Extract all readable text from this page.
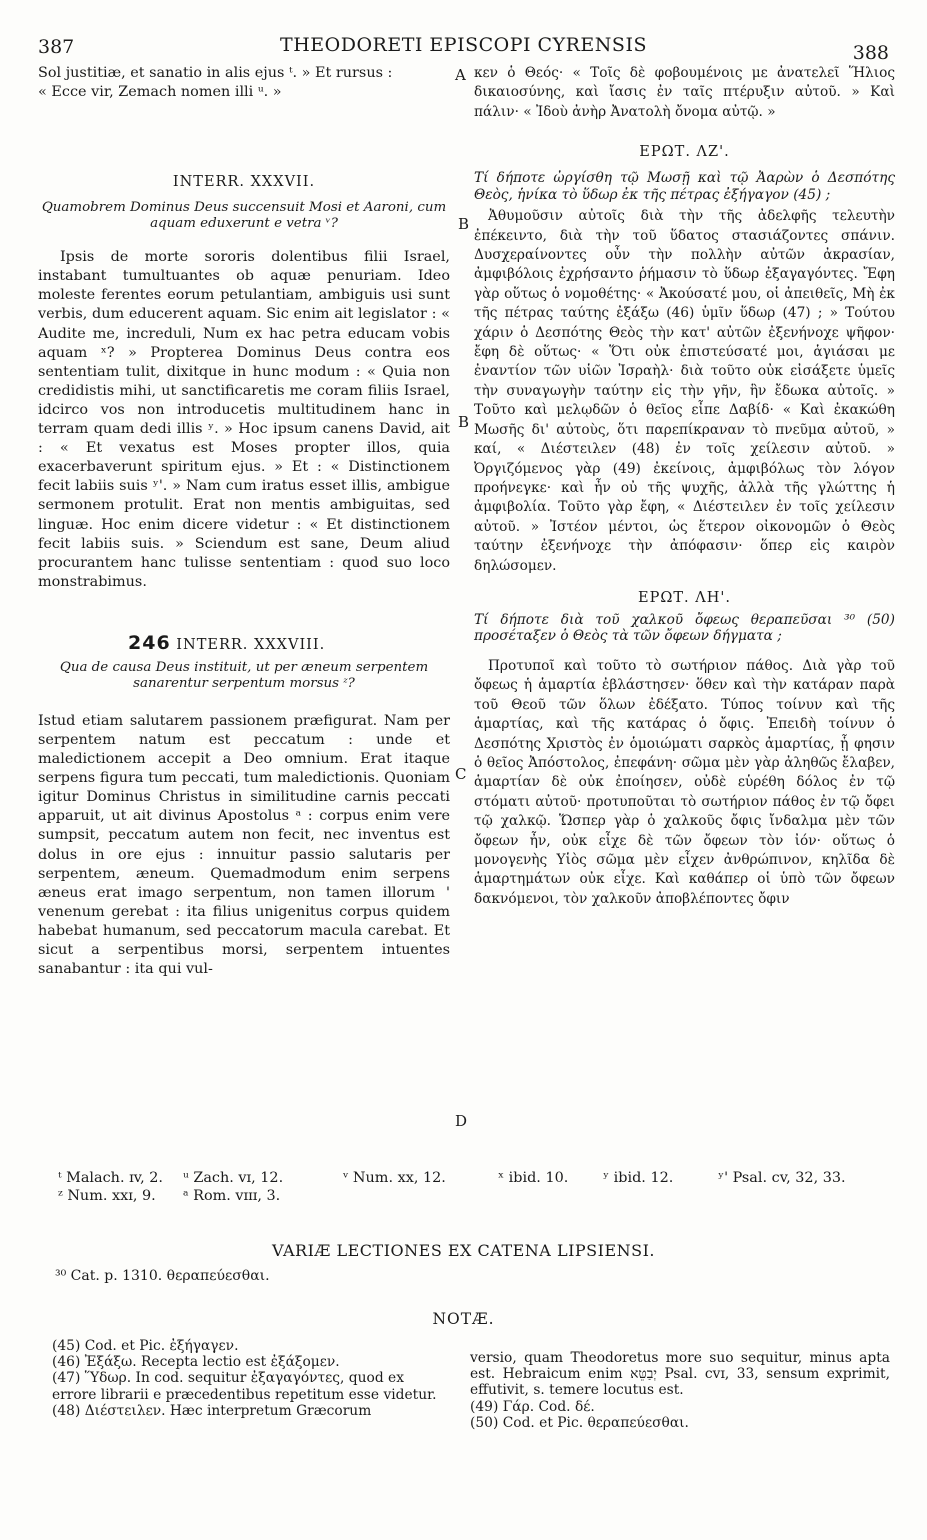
387	THEODORETI EPISCOPI CYRENSIS	388
A
B
B
C
D

Sol justitiæ, et sanatio in alis ejus ᵗ. » Et rursus :

« Ecce vir, Zemach nomen illi ᵘ. »

INTERR. XXXVII.

Quamobrem Dominus Deus succensuit Mosi et Aaroni, cum aquam eduxerunt e vetra ᵛ?

Ipsis de morte sororis dolentibus filii Israel, instabant tumultuantes ob aquæ penuriam. Ideo moleste ferentes eorum petulantiam, ambiguis usi sunt verbis, dum educerent aquam. Sic enim ait legislator : « Audite me, increduli, Num ex hac petra educam vobis aquam ˣ? » Propterea Dominus Deus contra eos sententiam tulit, dixitque in hunc modum : « Quia non credidistis mihi, ut sanctificaretis me coram filiis Israel, idcirco vos non introducetis multitudinem hanc in terram quam dedi illis ʸ. » Hoc ipsum canens David, ait : « Et vexatus est Moses propter illos, quia exacerbaverunt spiritum ejus. » Et : « Distinctionem fecit labiis suis ʸ'. » Nam cum iratus esset illis, ambigue sermonem protulit. Erat non mentis ambiguitas, sed linguæ. Hoc enim dicere videtur : « Et distinctionem fecit labiis suis. » Sciendum est sane, Deum aliud procurantem hanc tulisse sententiam : quod suo loco monstrabimus.

246 INTERR. XXXVIII.

Qua de causa Deus instituit, ut per æneum serpentem sanarentur serpentum morsus ᶻ?

Istud etiam salutarem passionem præfigurat. Nam per serpentem natum est peccatum : unde et maledictionem accepit a Deo omnium. Erat itaque serpens figura tum peccati, tum maledictionis. Quoniam igitur Dominus Christus in similitudine carnis peccati apparuit, ut ait divinus Apostolus ᵃ : corpus enim vere sumpsit, peccatum autem non fecit, nec inventus est dolus in ore ejus : innuitur passio salutaris per serpentem, æneum. Quemadmodum enim serpens æneus erat imago serpentum, non tamen illorum ' venenum gerebat : ita filius unigenitus corpus quidem habebat humanum, sed peccatorum macula carebat. Et sicut a serpentibus morsi, serpentem intuentes sanabantur : ita qui vul-

κεν ὁ Θεός· « Τοῖς δὲ φοβουμένοις με ἀνατελεῖ Ἥλιος δικαιοσύνης, καὶ ἴασις ἐν ταῖς πτέρυξιν αὐτοῦ. » Καὶ πάλιν· « Ἰδοὺ ἀνὴρ Ἀνατολὴ ὄνομα αὐτῷ. »

ΕΡΩΤ. ΛΖ'.

Τί δήποτε ὠργίσθη τῷ Μωσῇ καὶ τῷ Ἀαρὼν ὁ Δεσπότης Θεὸς, ἡνίκα τὸ ὕδωρ ἐκ τῆς πέτρας ἐξήγαγον (45) ;

Ἀθυμοῦσιν αὐτοῖς διὰ τὴν τῆς ἀδελφῆς τελευτὴν ἐπέκειντο, διὰ τὴν τοῦ ὕδατος στασιάζοντες σπάνιν. Δυσχεραίνοντες οὖν τὴν πολλὴν αὐτῶν ἀκρασίαν, ἀμφιβόλοις ἐχρήσαντο ῥήμασιν τὸ ὕδωρ ἐξαγαγόντες. Ἔφη γὰρ οὕτως ὁ νομοθέτης· « Ἀκούσατέ μου, οἱ ἀπειθεῖς, Μὴ ἐκ τῆς πέτρας ταύτης ἐξάξω (46) ὑμῖν ὕδωρ (47) ; » Τούτου χάριν ὁ Δεσπότης Θεὸς τὴν κατ' αὐτῶν ἐξενήνοχε ψῆφον· ἔφη δὲ οὕτως· « Ὅτι οὐκ ἐπιστεύσατέ μοι, ἁγιάσαι με ἐναντίον τῶν υἱῶν Ἰσραὴλ· διὰ τοῦτο οὐκ εἰσάξετε ὑμεῖς τὴν συναγωγὴν ταύτην εἰς τὴν γῆν, ἣν ἔδωκα αὐτοῖς. » Τοῦτο καὶ μελῳδῶν ὁ θεῖος εἶπε Δαβίδ· « Καὶ ἐκακώθη Μωσῆς δι' αὐτοὺς, ὅτι παρεπίκραναν τὸ πνεῦμα αὐτοῦ, » καί, « Διέστειλεν (48) ἐν τοῖς χείλεσιν αὐτοῦ. » Ὀργιζόμενος γὰρ (49) ἐκείνοις, ἀμφιβόλως τὸν λόγον προήνεγκε· καὶ ἦν οὐ τῆς ψυχῆς, ἀλλὰ τῆς γλώττης ἡ ἀμφιβολία. Τοῦτο γὰρ ἔφη, « Διέστειλεν ἐν τοῖς χείλεσιν αὐτοῦ. » Ἰστέον μέντοι, ὡς ἕτερον οἰκονομῶν ὁ Θεὸς ταύτην ἐξενήνοχε τὴν ἀπόφασιν· ὅπερ εἰς καιρὸν δηλώσομεν.

ΕΡΩΤ. ΛΗ'.

Τί δήποτε διὰ τοῦ χαλκοῦ ὄφεως θεραπεῦσαι ³⁰ (50) προσέταξεν ὁ Θεὸς τὰ τῶν ὄφεων δήγματα ;

Προτυποῖ καὶ τοῦτο τὸ σωτήριον πάθος. Διὰ γὰρ τοῦ ὄφεως ἡ ἁμαρτία ἐβλάστησεν· ὅθεν καὶ τὴν κατάραν παρὰ τοῦ Θεοῦ τῶν ὅλων ἐδέξατο. Τύπος τοίνυν καὶ τῆς ἁμαρτίας, καὶ τῆς κατάρας ὁ ὄφις. Ἐπειδὴ τοίνυν ὁ Δεσπότης Χριστὸς ἐν ὁμοιώματι σαρκὸς ἁμαρτίας, ᾗ φησιν ὁ θεῖος Ἀπόστολος, ἐπεφάνη· σῶμα μὲν γὰρ ἀληθῶς ἔλαβεν, ἁμαρτίαν δὲ οὐκ ἐποίησεν, οὐδὲ εὑρέθη δόλος ἐν τῷ στόματι αὐτοῦ· προτυποῦται τὸ σωτήριον πάθος ἐν τῷ ὄφει τῷ χαλκῷ. Ὥσπερ γὰρ ὁ χαλκοῦς ὄφις ἴνδαλμα μὲν τῶν ὄφεων ἦν, οὐκ εἶχε δὲ τῶν ὄφεων τὸν ἰόν· οὕτως ὁ μονογενὴς Υἱὸς σῶμα μὲν εἶχεν ἀνθρώπινον, κηλῖδα δὲ ἁμαρτημάτων οὐκ εἶχε. Καὶ καθάπερ οἱ ὑπὸ τῶν ὄφεων δακνόμενοι, τὸν χαλκοῦν ἀποβλέποντες ὄφιν

ᵗ Malach. ɪv, 2.	ᵘ Zach. vɪ, 12.	ᵛ Num. xx, 12.	ˣ ibid. 10.	ʸ ibid. 12.	ʸ' Psal. cv, 32, 33.
ᶻ Num. xxɪ, 9.	ᵃ Rom. vɪɪɪ, 3.
VARIÆ LECTIONES EX CATENA LIPSIENSI.
³⁰ Cat. p. 1310. θεραπεύεσθαι.
NOTÆ.

(45) Cod. et Pic. ἐξήγαγεν.

(46) Ἐξάξω. Recepta lectio est ἐξάξομεν.

(47) Ὕδωρ. In cod. sequitur ἐξαγαγόντες, quod ex errore librarii e præcedentibus repetitum esse videtur.

(48) Διέστειλεν. Hæc interpretum Græcorum

versio, quam Theodoretus more suo sequitur, minus apta est. Hebraicum enim יְבַטֵּא Psal. cvɪ, 33, sensum exprimit, effutivit, s. temere locutus est.

(49) Γάρ. Cod. δέ.

(50) Cod. et Pic. θεραπεύεσθαι.
